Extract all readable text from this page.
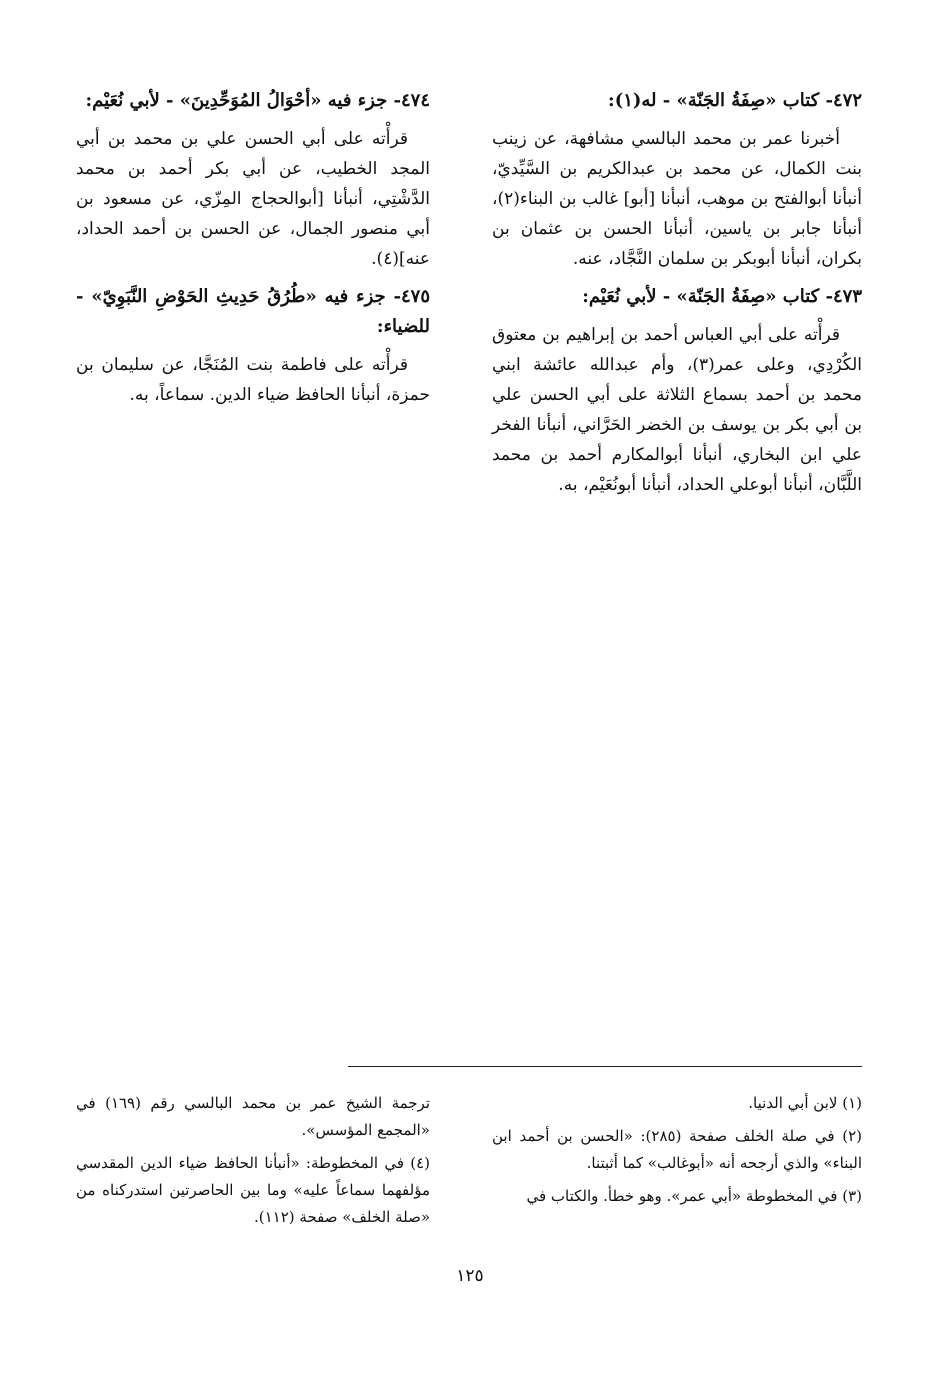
٤٧٢- كتاب «صِفَةُ الجَنّة» - له(١):

أخبرنا عمر بن محمد البالسي مشافهة، عن زينب بنت الكمال، عن محمد بن عبدالكريم بن السَّيِّديّ، أنبأنا أبوالفتح بن موهب، أنبأنا [أبو] غالب بن البناء(٢)، أنبأنا جابر بن ياسين، أنبأنا الحسن بن عثمان بن بكران، أنبأنا أبوبكر بن سلمان النَّجَّاد، عنه.

٤٧٣- كتاب «صِفَةُ الجَنّة» - لأبي نُعَيْم:

قرأْته على أبي العباس أحمد بن إبراهيم بن معتوق الكُرْدِي، وعلى عمر(٣)، وأم عبدالله عائشة ابني محمد بن أحمد بسماع الثلاثة على أبي الحسن علي بن أبي بكر بن يوسف بن الخضر الحَرَّاني، أنبأنا الفخر علي ابن البخاري، أنبأنا أبوالمكارم أحمد بن محمد اللَّبَّان، أنبأنا أبوعلي الحداد، أنبأنا أبونُعَيْم، به.

٤٧٤- جزء فيه «أحْوَالُ المُوَحِّدِينَ» - لأبي نُعَيْم:

قرأْته على أبي الحسن علي بن محمد بن أبي المجد الخطيب، عن أبي بكر أحمد بن محمد الدَّشْتِي، أنبأنا [أبوالحجاج المِزّي، عن مسعود بن أبي منصور الجمال، عن الحسن بن أحمد الحداد، عنه](٤).

٤٧٥- جزء فيه «طُرُقُ حَدِيثِ الحَوْضِ النَّبَوِيّ» - للضياء:

قرأْته على فاطمة بنت المُنَجَّا، عن سليمان بن حمزة، أنبأنا الحافظ ضياء الدين. سماعاً، به.

(١) لابن أبي الدنيا.

(٢) في صلة الخلف صفحة (٢٨٥): «الحسن بن أحمد ابن البناء» والذي أرجحه أنه «أبوغالب» كما أثبتنا.

(٣) في المخطوطة «أبي عمر». وهو خطأ. والكتاب في

ترجمة الشيخ عمر بن محمد البالسي رقم (١٦٩) في «المجمع المؤسس».

(٤) في المخطوطة: «أنبأنا الحافظ ضياء الدين المقدسي مؤلفهما سماعاً عليه» وما بين الحاصرتين استدركناه من «صلة الخلف» صفحة (١١٢).

١٢٥
